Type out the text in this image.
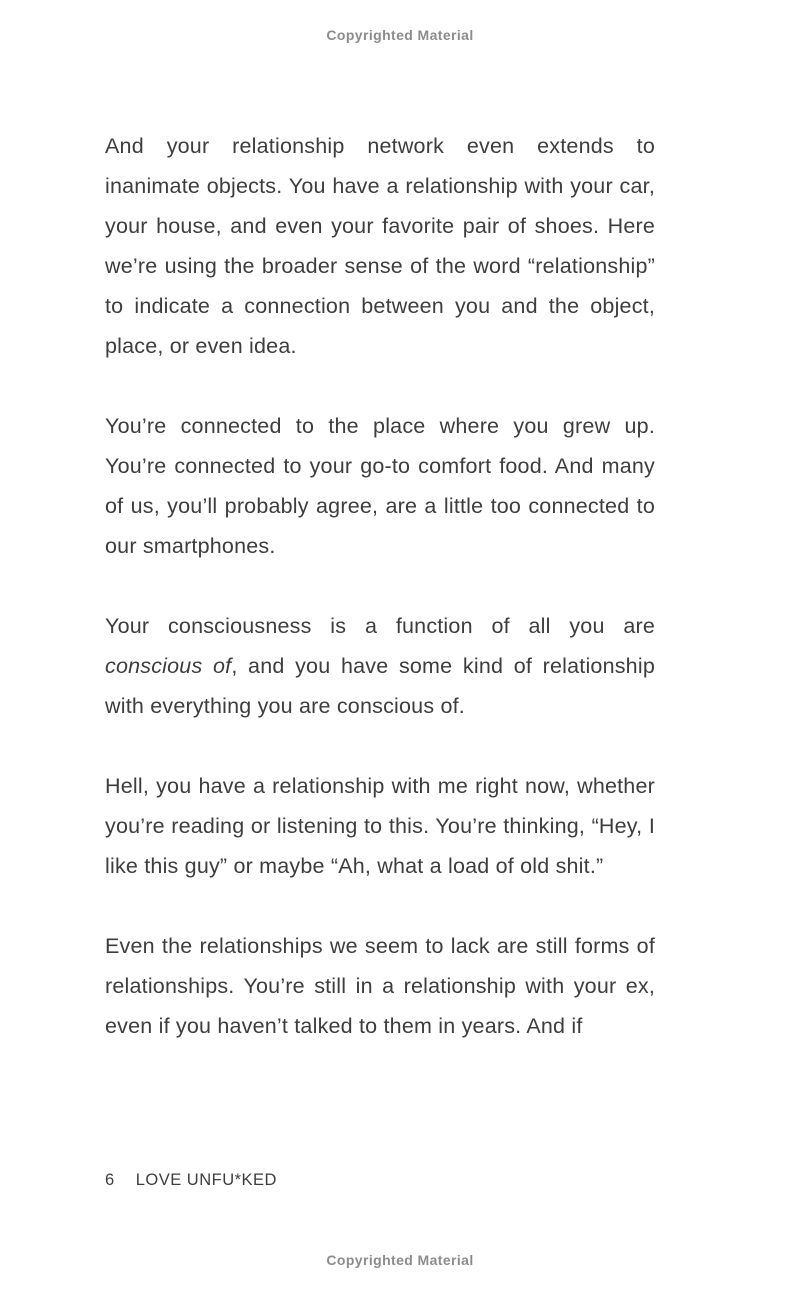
Copyrighted Material

And your relationship network even extends to inanimate objects. You have a relationship with your car, your house, and even your favorite pair of shoes. Here we’re using the broader sense of the word “relationship” to indicate a connection between you and the object, place, or even idea.

You’re connected to the place where you grew up. You’re connected to your go-to comfort food. And many of us, you’ll probably agree, are a little too connected to our smartphones.

Your consciousness is a function of all you are conscious of, and you have some kind of relationship with everything you are conscious of.

Hell, you have a relationship with me right now, whether you’re reading or listening to this. You’re thinking, “Hey, I like this guy” or maybe “Ah, what a load of old shit.”

Even the relationships we seem to lack are still forms of relationships. You’re still in a relationship with your ex, even if you haven’t talked to them in years. And if

6 LOVE UNFU*KED
Copyrighted Material
